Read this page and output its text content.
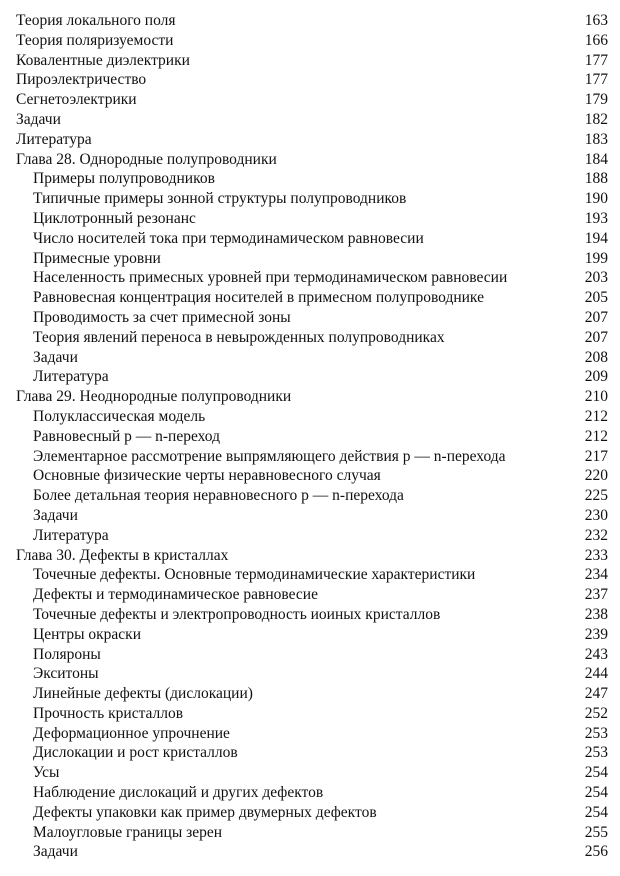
Теория локального поля	163
Теория поляризуемости	166
Ковалентные диэлектрики	177
Пироэлектричество	177
Сегнетоэлектрики	179
Задачи	182
Литература	183
Глава 28. Однородные полупроводники	184
Примеры полупроводников	188
Типичные примеры зонной структуры полупроводников	190
Циклотронный резонанс	193
Число носителей тока при термодинамическом равновесии	194
Примесные уровни	199
Населенность примесных уровней при термодинамическом равновесии	203
Равновесная концентрация носителей в примесном полупроводнике	205
Проводимость за счет примесной зоны	207
Теория явлений переноса в невырожденных полупроводниках	207
Задачи	208
Литература	209
Глава 29. Неоднородные полупроводники	210
Полуклассическая модель	212
Равновесный p — n-переход	212
Элементарное рассмотрение выпрямляющего действия p — n-перехода	217
Основные физические черты неравновесного случая	220
Более детальная теория неравновесного p — n-перехода	225
Задачи	230
Литература	232
Глава 30. Дефекты в кристаллах	233
Точечные дефекты. Основные термодинамические характеристики	234
Дефекты и термодинамическое равновесие	237
Точечные дефекты и электропроводность иоиных кристаллов	238
Центры окраски	239
Поляроны	243
Экситоны	244
Линейные дефекты (дислокации)	247
Прочность кристаллов	252
Деформационное упрочнение	253
Дислокации и рост кристаллов	253
Усы	254
Наблюдение дислокаций и других дефектов	254
Дефекты упаковки как пример двумерных дефектов	254
Малоугловые границы зерен	255
Задачи	256
